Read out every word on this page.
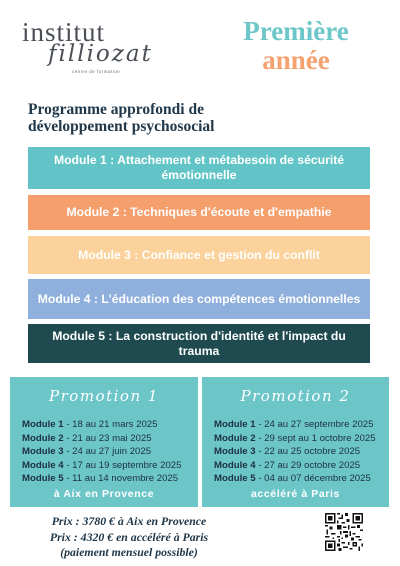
institut
filliozat
centre de formation
Première
année
Programme approfondi de développement psychosocial
Module 1 : Attachement et métabesoin de sécurité émotionnelle
Module 2 : Techniques d'écoute et d'empathie
Module 3 : Confiance et gestion du conflit
Module 4 : L'éducation des compétences émotionnelles
Module 5 : La construction d'identité et l'impact du trauma
Promotion 1
Module 1 - 18 au 21 mars 2025
Module 2 - 21 au 23 mai 2025
Module 3 - 24 au 27 juin 2025
Module 4 - 17 au 19 septembre 2025
Module 5 - 11 au 14 novembre 2025
à Aix en Provence
Promotion 2
Module 1 - 24 au 27 septembre 2025
Module 2 - 29 sept au 1 octobre 2025
Module 3 - 22 au 25 octobre 2025
Module 4 - 27 au 29 octobre 2025
Module 5 - 04 au 07 décembre 2025
accéléré à Paris
Prix : 3780 € à Aix en Provence
Prix : 4320 € en accéléré à Paris
(paiement mensuel possible)
